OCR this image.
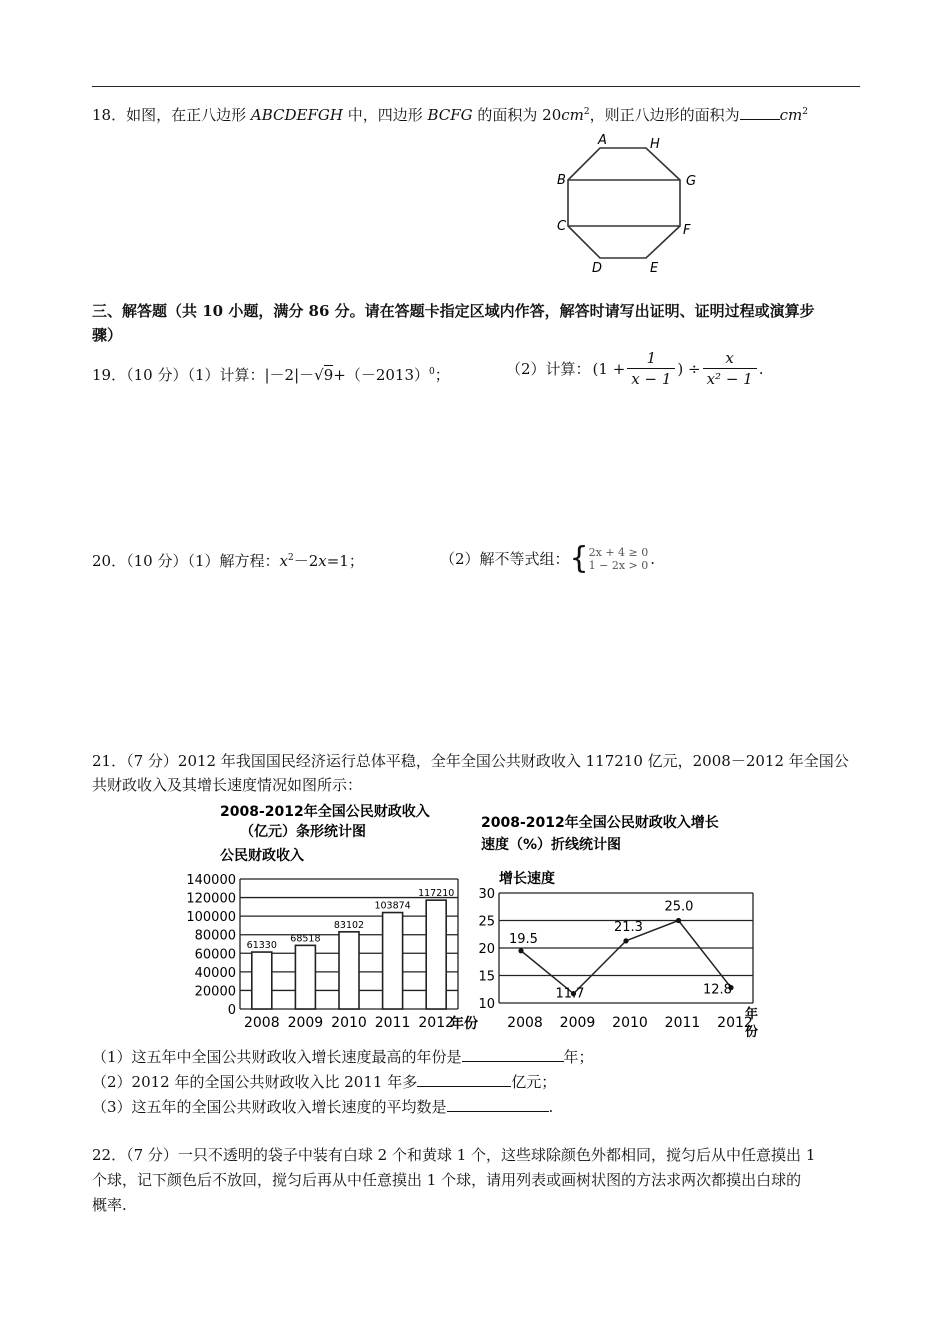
18．如图，在正八边形 ABCDEFGH 中，四边形 BCFG 的面积为 $20cm^2$，则正八边形的面积为	$cm^2$
A	H
B	G
C	F
D	E
三、解答题（共 10 小题，满分 86 分。请在答题卡指定区域内作答，解答时请写出证明、证明过程或演算步
骤）
19．（10 分）（1）计算：$|-2|-√9+(-2013)^0$；	（2）计算： ($1 + \frac{1}{x - 1}$ ) ÷ $\frac{x}{\text{x² − 1}}$ .
20．（10 分）（1）解方程：$x^2-2x=1$；	（2）解不等式组： { 2x + 4 ≥ 0
1 − 2x > 0 .
21．（7 分）2012 年我国国民经济运行总体平稳，全年全国公共财政收入 117210 亿元，2008－2012 年全国公
共财政收入及其增长速度情况如图所示：
2008-2012年全国公民财政收入
（亿元）条形统计图
公民财政收入
61330
68518
83102
103874
117210
0
20000
40000
60000
80000
100000
120000
140000
2008 2009 2010 2011 2012
年份
2008-2012年全国公民财政收入增长
速度（%）折线统计图
增长速度
10
15
20
25
30
2008 2009 2010 2011 2012
19.5
11.7
21.3
25.0
12.8
年
份
（1）这五年中全国公共财政收入增长速度最高的年份是	年；
（2）2012 年的全国公共财政收入比 2011 年多	亿元；
（3）这五年的全国公共财政收入增长速度的平均数是	.
22．（7 分）一只不透明的袋子中装有白球 2 个和黄球 1 个，这些球除颜色外都相同，搅匀后从中任意摸出 1
个球，记下颜色后不放回，搅匀后再从中任意摸出 1 个球，请用列表或画树状图的方法求两次都摸出白球的
概率.
